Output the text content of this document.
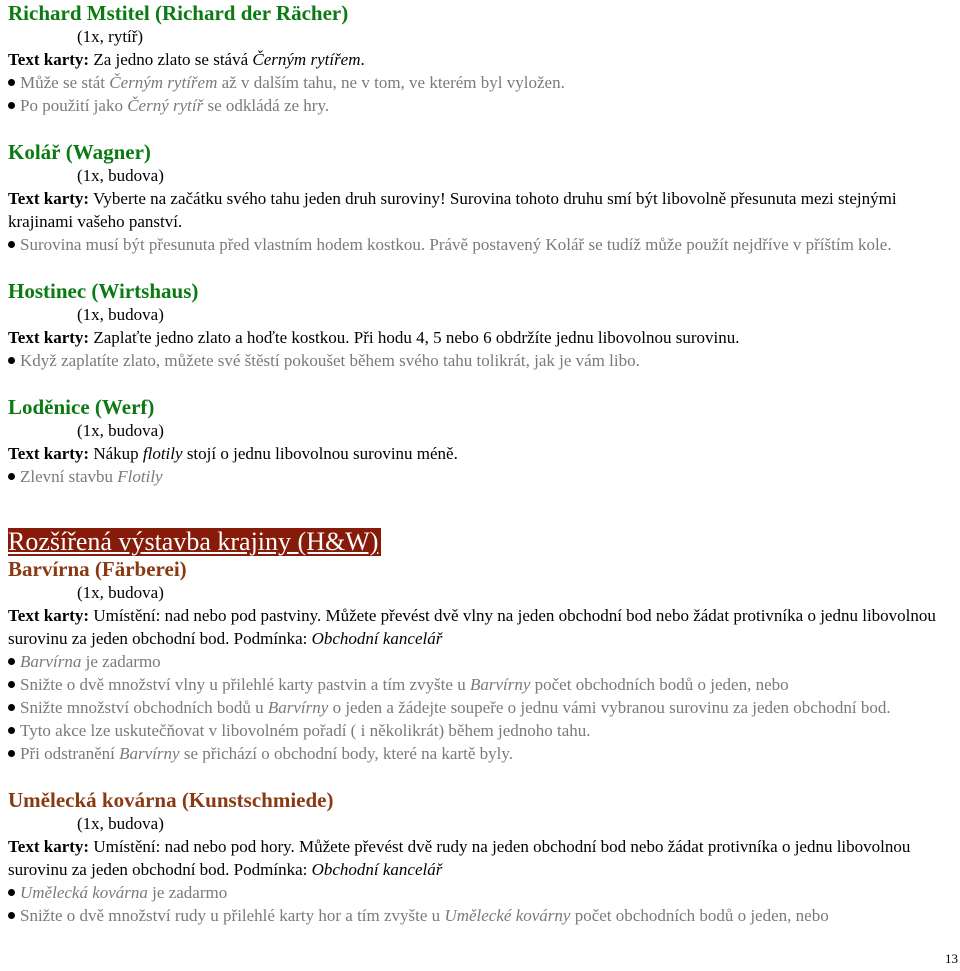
Richard Mstitel (Richard der Rächer)

(1x, rytíř)

Text karty: Za jedno zlato se stává Černým rytířem.

Může se stát Černým rytířem až v dalším tahu, ne v tom, ve kterém byl vyložen.

Po použití jako Černý rytíř se odkládá ze hry.

Kolář (Wagner)

(1x, budova)

Text karty: Vyberte na začátku svého tahu jeden druh suroviny! Surovina tohoto druhu smí být libovolně přesunuta mezi stejnými krajinami vašeho panství.

Surovina musí být přesunuta před vlastním hodem kostkou. Právě postavený Kolář se tudíž může použít nejdříve v příštím kole.

Hostinec (Wirtshaus)

(1x, budova)

Text karty: Zaplaťte jedno zlato a hoďte kostkou. Při hodu 4, 5 nebo 6 obdržíte jednu libovolnou surovinu.

Když zaplatíte zlato, můžete své štěstí pokoušet během svého tahu tolikrát, jak je vám libo.

Loděnice (Werf)

(1x, budova)

Text karty: Nákup flotily stojí o jednu libovolnou surovinu méně.

Zlevní stavbu Flotily

Rozšířená výstavba krajiny (H&W)

Barvírna (Färberei)

(1x, budova)

Text karty: Umístění: nad nebo pod pastviny. Můžete převést dvě vlny na jeden obchodní bod nebo žádat protivníka o jednu libovolnou surovinu za jeden obchodní bod. Podmínka: Obchodní kancelář

Barvírna je zadarmo

Snižte o dvě množství vlny u přilehlé karty pastvin a tím zvyšte u Barvírny počet obchodních bodů o jeden, nebo

Snižte množství obchodních bodů u Barvírny o jeden a žádejte soupeře o jednu vámi vybranou surovinu za jeden obchodní bod.

Tyto akce lze uskutečňovat v libovolném pořadí ( i několikrát) během jednoho tahu.

Při odstranění Barvírny se přichází o obchodní body, které na kartě byly.

Umělecká kovárna (Kunstschmiede)

(1x, budova)

Text karty: Umístění: nad nebo pod hory. Můžete převést dvě rudy na jeden obchodní bod nebo žádat protivníka o jednu libovolnou surovinu za jeden obchodní bod. Podmínka: Obchodní kancelář

Umělecká kovárna je zadarmo

Snižte o dvě množství rudy u přilehlé karty hor a tím zvyšte u Umělecké kovárny počet obchodních bodů o jeden, nebo

13
